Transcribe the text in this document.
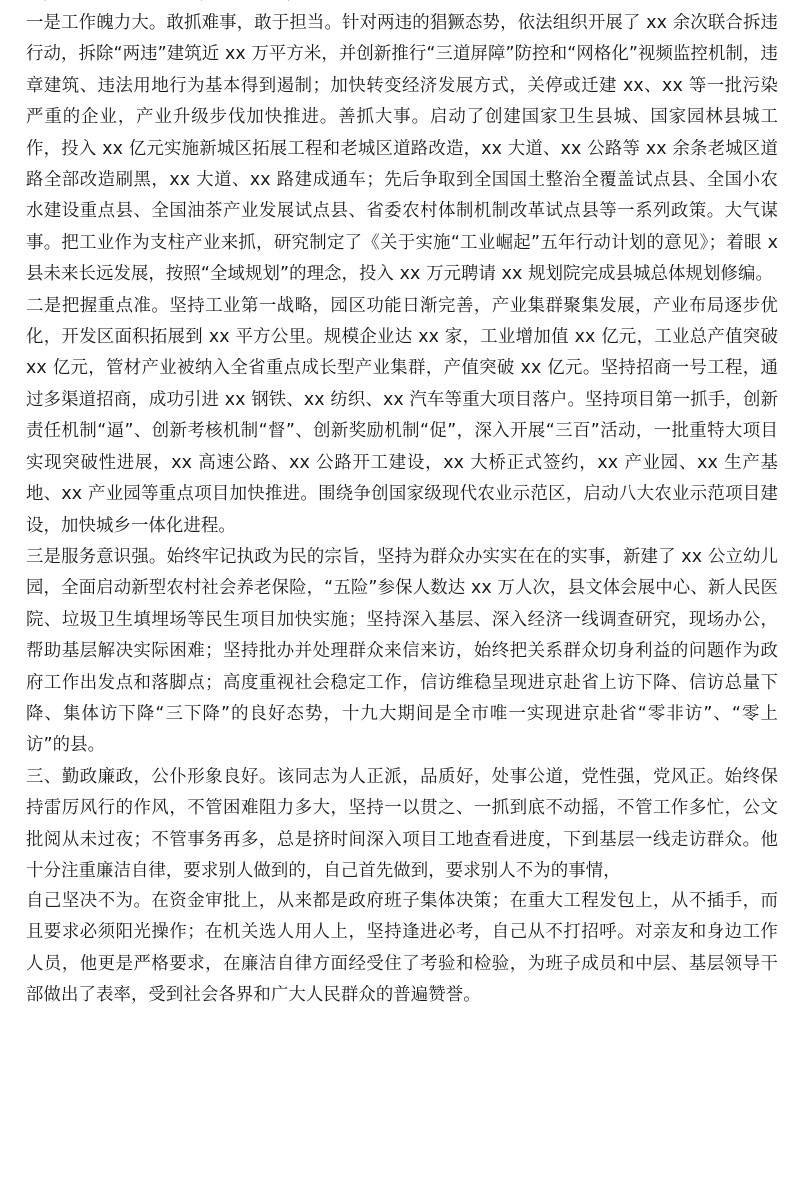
一是工作魄力大。敢抓难事，敢于担当。针对两违的猖獗态势，依法组织开展了 xx 余次联合拆违行动，拆除“两违”建筑近 xx 万平方米，并创新推行“三道屏障”防控和“网格化”视频监控机制，违章建筑、违法用地行为基本得到遏制；加快转变经济发展方式，关停或迁建 xx、xx 等一批污染严重的企业，产业升级步伐加快推进。善抓大事。启动了创建国家卫生县城、国家园林县城工作，投入 xx 亿元实施新城区拓展工程和老城区道路改造，xx 大道、xx 公路等 xx 余条老城区道路全部改造刷黑，xx 大道、xx 路建成通车；先后争取到全国国土整治全覆盖试点县、全国小农水建设重点县、全国油茶产业发展试点县、省委农村体制机制改革试点县等一系列政策。大气谋事。把工业作为支柱产业来抓，研究制定了《关于实施“工业崛起”五年行动计划的意见》；着眼 x 县未来长远发展，按照“全域规划”的理念，投入 xx 万元聘请 xx 规划院完成县城总体规划修编。

二是把握重点准。坚持工业第一战略，园区功能日渐完善，产业集群聚集发展，产业布局逐步优化，开发区面积拓展到 xx 平方公里。规模企业达 xx 家，工业增加值 xx 亿元，工业总产值突破 xx 亿元，管材产业被纳入全省重点成长型产业集群，产值突破 xx 亿元。坚持招商一号工程，通过多渠道招商，成功引进 xx 钢铁、xx 纺织、xx 汽车等重大项目落户。坚持项目第一抓手，创新责任机制“逼”、创新考核机制“督”、创新奖励机制“促”，深入开展“三百”活动，一批重特大项目实现突破性进展，xx 高速公路、xx 公路开工建设，xx 大桥正式签约，xx 产业园、xx 生产基地、xx 产业园等重点项目加快推进。围绕争创国家级现代农业示范区，启动八大农业示范项目建设，加快城乡一体化进程。

三是服务意识强。始终牢记执政为民的宗旨，坚持为群众办实实在在的实事，新建了 xx 公立幼儿园，全面启动新型农村社会养老保险，“五险”参保人数达 xx 万人次，县文体会展中心、新人民医院、垃圾卫生填埋场等民生项目加快实施；坚持深入基层、深入经济一线调查研究，现场办公，帮助基层解决实际困难；坚持批办并处理群众来信来访，始终把关系群众切身利益的问题作为政府工作出发点和落脚点；高度重视社会稳定工作，信访维稳呈现进京赴省上访下降、信访总量下降、集体访下降“三下降”的良好态势，十九大期间是全市唯一实现进京赴省“零非访”、“零上访”的县。

三、勤政廉政，公仆形象良好。该同志为人正派，品质好，处事公道，党性强，党风正。始终保持雷厉风行的作风，不管困难阻力多大，坚持一以贯之、一抓到底不动摇，不管工作多忙，公文批阅从未过夜；不管事务再多，总是挤时间深入项目工地查看进度，下到基层一线走访群众。他十分注重廉洁自律，要求别人做到的，自己首先做到，要求别人不为的事情，

自己坚决不为。在资金审批上，从来都是政府班子集体决策；在重大工程发包上，从不插手，而且要求必须阳光操作；在机关选人用人上，坚持逢进必考，自己从不打招呼。对亲友和身边工作人员，他更是严格要求，在廉洁自律方面经受住了考验和检验，为班子成员和中层、基层领导干部做出了表率，受到社会各界和广大人民群众的普遍赞誉。
